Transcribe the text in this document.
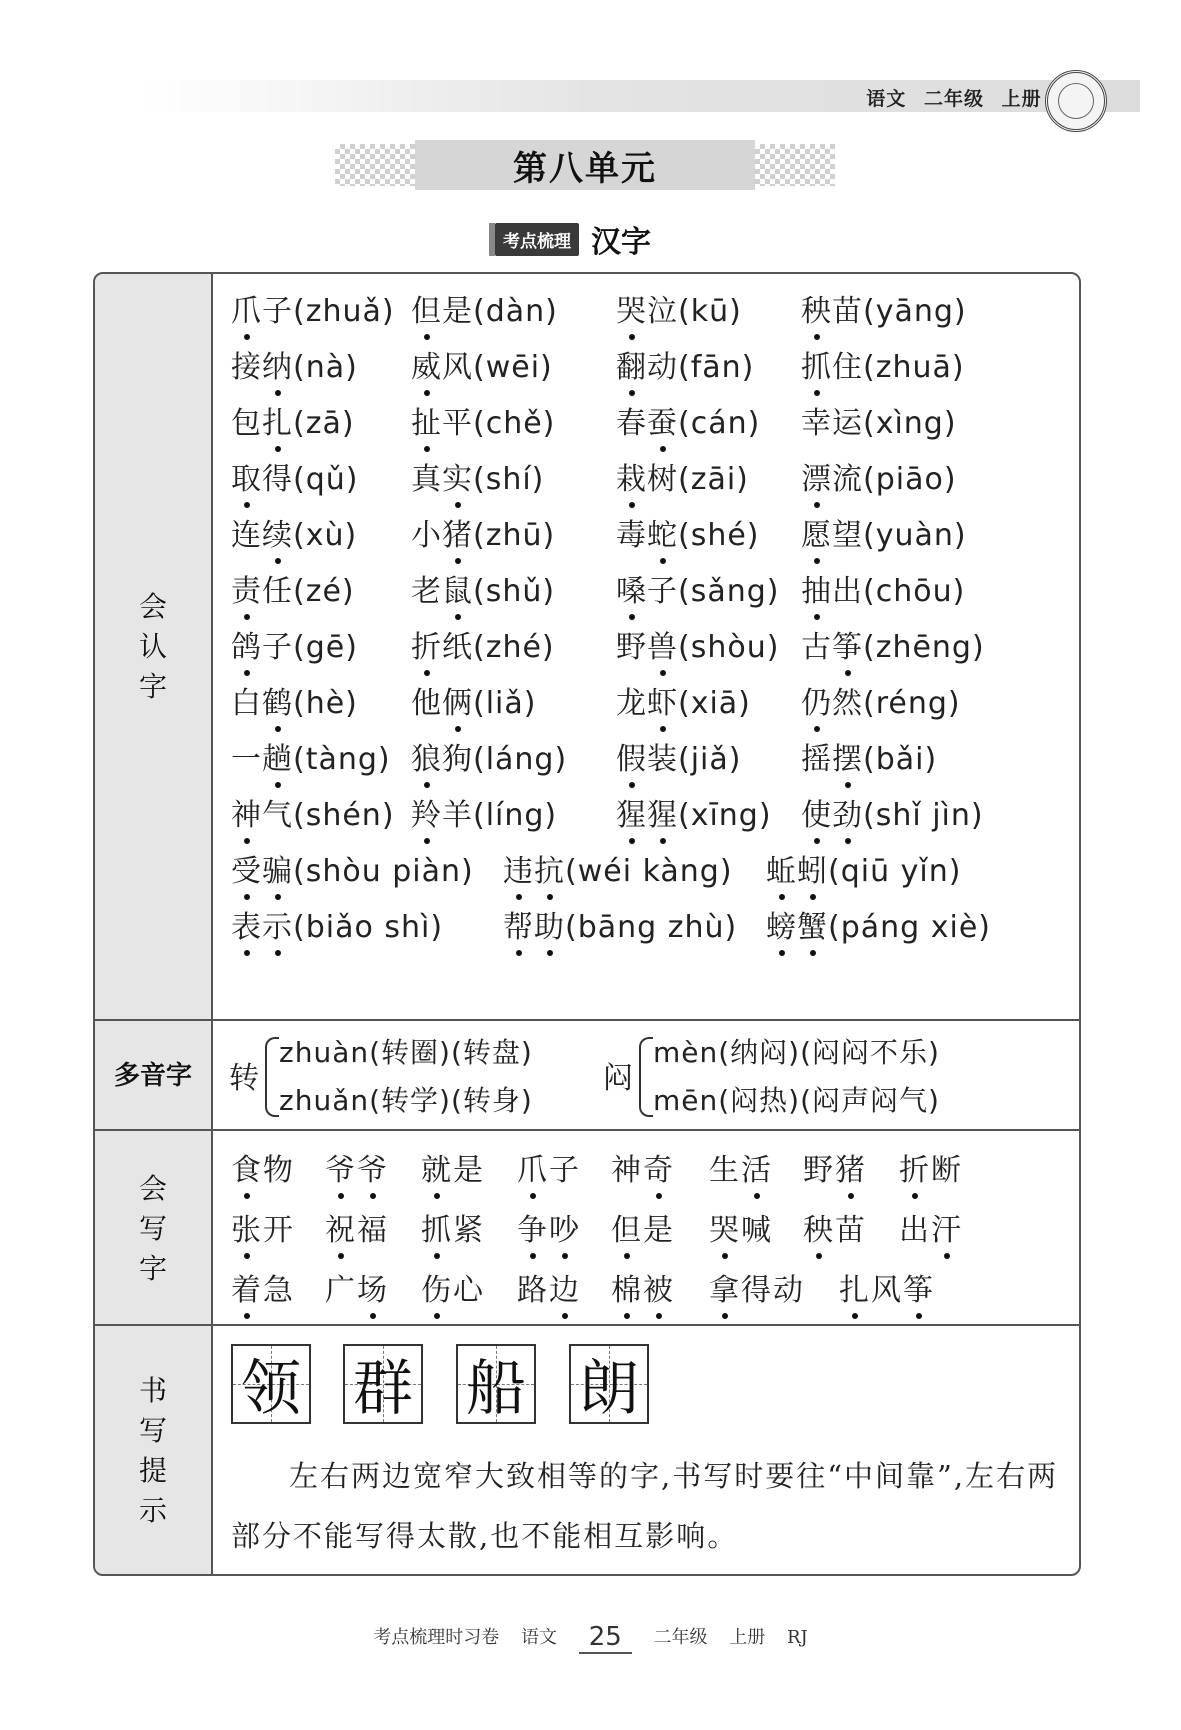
语文 二年级 上册
第八单元
考点梳理 汉字
会认字
爪子(zhuǎ) 但是(dàn) 哭泣(kū) 秧苗(yāng)
接纳(nà) 威风(wēi) 翻动(fān) 抓住(zhuā)
包扎(zā) 扯平(chě) 春蚕(cán) 幸运(xìng)
取得(qǔ) 真实(shí) 栽树(zāi) 漂流(piāo)
连续(xù) 小猪(zhū) 毒蛇(shé) 愿望(yuàn)
责任(zé) 老鼠(shǔ) 嗓子(sǎng) 抽出(chōu)
鸽子(gē) 折纸(zhé) 野兽(shòu) 古筝(zhēng)
白鹤(hè) 他俩(liǎ)	龙虾(xiā) 仍然(réng)
一趟(tàng) 狼狗(láng) 假装(jiǎ) 摇摆(bǎi)
神气(shén) 羚羊(líng) 猩猩(xīng) 使劲(shǐ jìn)
受骗(shòu piàn) 违抗(wéi kàng) 蚯蚓(qiū yǐn)
表示(biǎo shì) 帮助(bāng zhù) 螃蟹(páng xiè)
多音字 转
zhuàn(转圈)(转盘)
zhuǎn(转学)(转身)
闷
mèn(纳闷)(闷闷不乐)
mēn(闷热)(闷声闷气)
会写字
食物 爷爷 就是 爪子 神奇 生活 野猪 折断
张开 祝福 抓紧 争吵 但是 哭喊 秧苗 出汗
着急 广场 伤心 路边 棉被 拿得动 扎风筝
书写提示
左右两边宽窄大致相等的字,书写时要往“中间靠”,左右两部分不能写得太散,也不能相互影响。
领 群 船 朗
考点梳理时习卷 语文 25 二年级 上册 RJ
